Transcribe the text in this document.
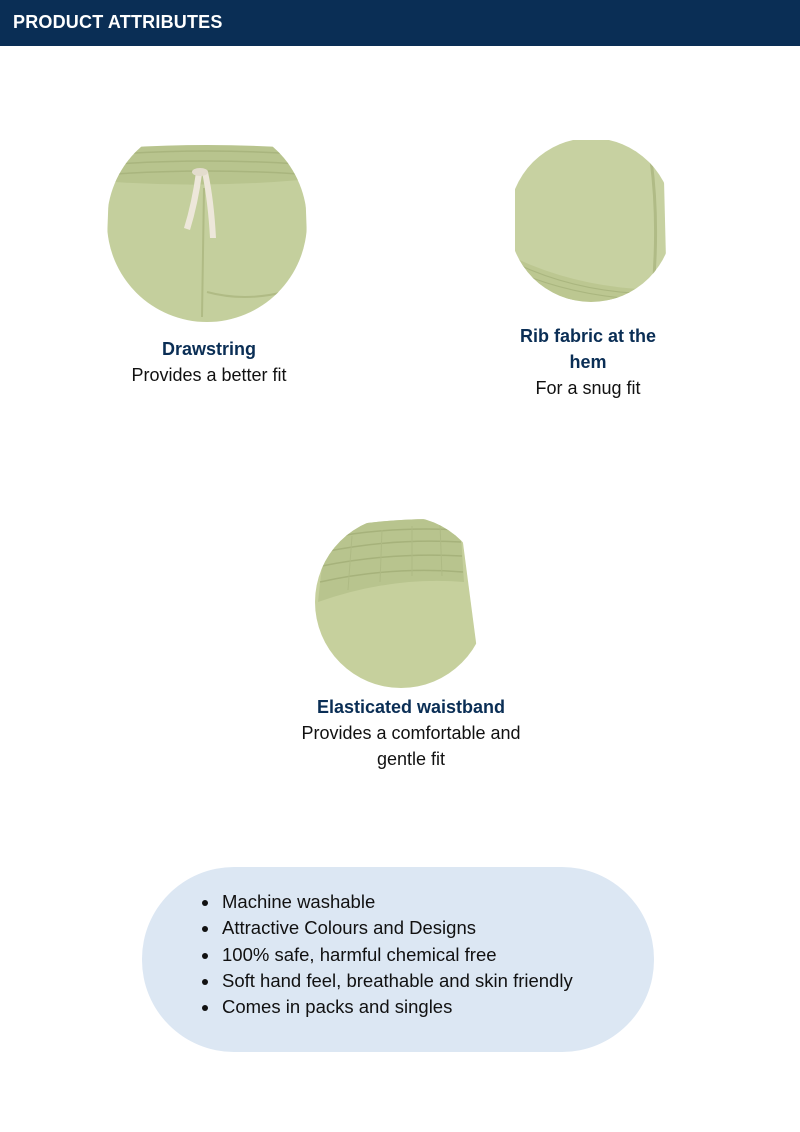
PRODUCT ATTRIBUTES
Drawstring
Provides a better fit
Rib fabric at the hem
For a snug fit
Elasticated waistband
Provides a comfortable and gentle fit
• Machine washable
• Attractive Colours and Designs
• 100% safe, harmful chemical free
• Soft hand feel, breathable and skin friendly
• Comes in packs and singles
